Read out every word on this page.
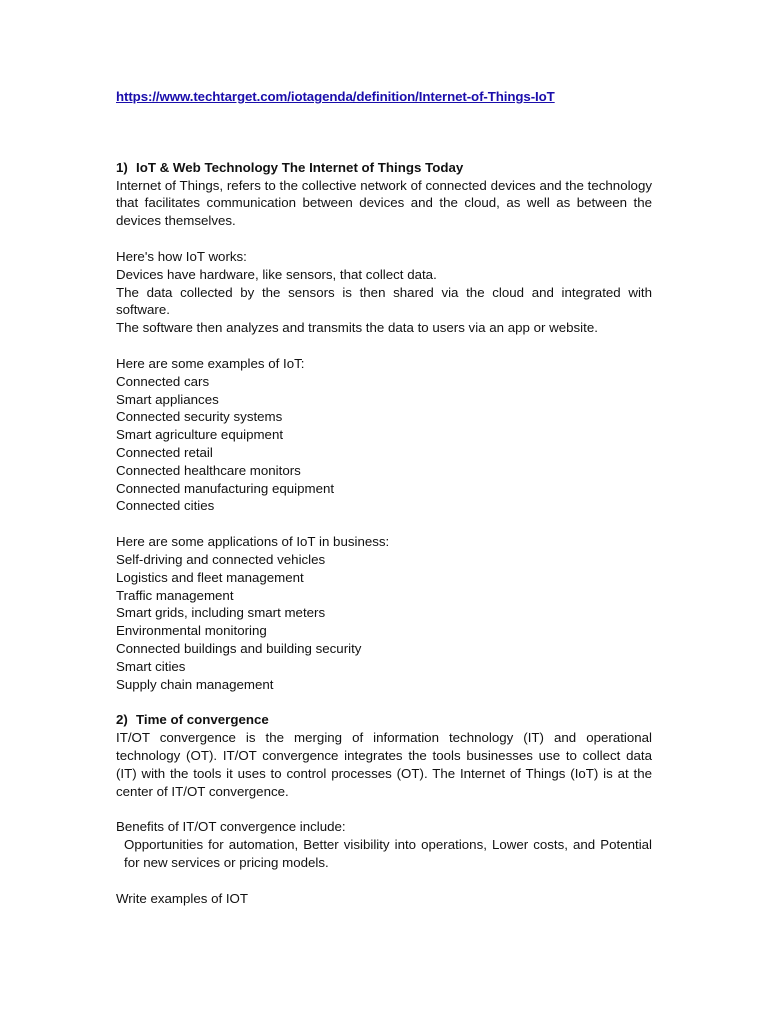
https://www.techtarget.com/iotagenda/definition/Internet-of-Things-IoT
1) IoT & Web Technology The Internet of Things Today

Internet of Things, refers to the collective network of connected devices and the technology that facilitates communication between devices and the cloud, as well as between the devices themselves.

Here's how IoT works:

Devices have hardware, like sensors, that collect data.

The data collected by the sensors is then shared via the cloud and integrated with software.

The software then analyzes and transmits the data to users via an app or website.

Here are some examples of IoT:

Connected cars
Smart appliances
Connected security systems
Smart agriculture equipment
Connected retail
Connected healthcare monitors
Connected manufacturing equipment
Connected cities

Here are some applications of IoT in business:

Self-driving and connected vehicles
Logistics and fleet management
Traffic management
Smart grids, including smart meters
Environmental monitoring
Connected buildings and building security
Smart cities
Supply chain management
2) Time of convergence

IT/OT convergence is the merging of information technology (IT) and operational technology (OT). IT/OT convergence integrates the tools businesses use to collect data (IT) with the tools it uses to control processes (OT). The Internet of Things (IoT) is at the center of IT/OT convergence.

Benefits of IT/OT convergence include:

Opportunities for automation, Better visibility into operations, Lower costs, and Potential for new services or pricing models.

Write examples of IOT
